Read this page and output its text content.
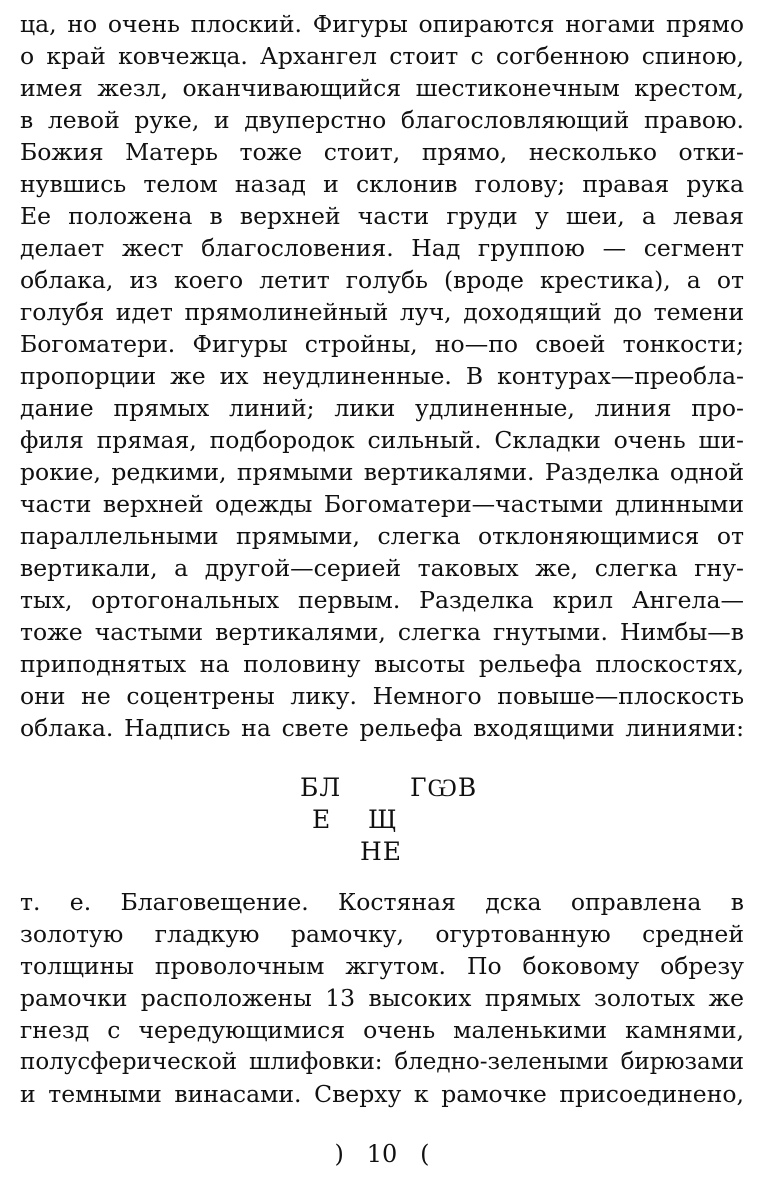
ца, но очень плоский. Фигуры опираются ногами прямо
о край ковчежца. Архангел стоит с согбенною спиною,
имея жезл, оканчивающийся шестиконечным крестом,
в левой руке, и двуперстно благословляющий правою.
Божия Матерь тоже стоит, прямо, несколько отки-
нувшись телом назад и склонив голову; правая рука
Ее положена в верхней части груди у шеи, а левая
делает жест благословения. Над группою — сегмент
облака, из коего летит голубь (вроде крестика), а от
голубя идет прямолинейный луч, доходящий до темени
Богоматери. Фигуры стройны, но—по своей тонкости;
пропорции же их неудлиненные. В контурах—преобла-
дание прямых линий; лики удлиненные, линия про-
филя прямая, подбородок сильный. Складки очень ши-
рокие, редкими, прямыми вертикалями. Разделка одной
части верхней одежды Богоматери—частыми длинными
параллельными прямыми, слегка отклоняющимися от
вертикали, а другой—серией таковых же, слегка гну-
тых, ортогональных первым. Разделка крил Ангела—
тоже частыми вертикалями, слегка гнутыми. Нимбы—в
приподнятых на половину высоты рельефа плоскостях,
они не соцентрены лику. Немного повыше—плоскость
облака. Надпись на свете рельефа входящими линиями:
БЛ	ГѠВ
Е Щ
НЕ
т. е. Благовещение. Костяная дска оправлена в
золотую гладкую рамочку, огуртованную средней
толщины проволочным жгутом. По боковому обрезу
рамочки расположены 13 высоких прямых золотых же
гнезд с чередующимися очень маленькими камнями,
полусферической шлифовки: бледно-зелеными бирюзами
и темными винасами. Сверху к рамочке присоединено,
)   10   (
